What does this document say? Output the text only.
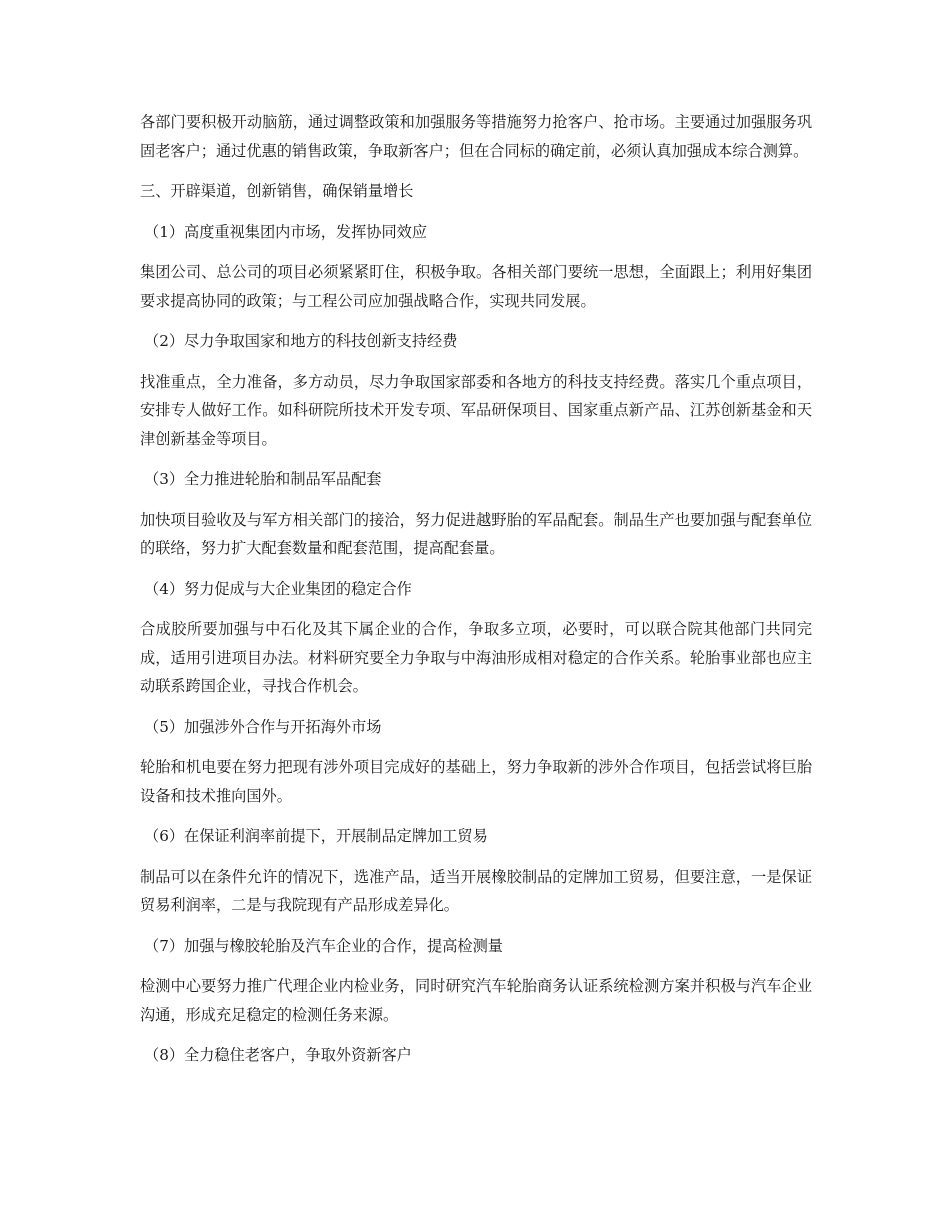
各部门要积极开动脑筋，通过调整政策和加强服务等措施努力抢客户、抢市场。主要通过加强服务巩固老客户；通过优惠的销售政策，争取新客户；但在合同标的确定前，必须认真加强成本综合测算。

三、开辟渠道，创新销售，确保销量增长

（1）高度重视集团内市场，发挥协同效应

集团公司、总公司的项目必须紧紧盯住，积极争取。各相关部门要统一思想，全面跟上；利用好集团要求提高协同的政策；与工程公司应加强战略合作，实现共同发展。

（2）尽力争取国家和地方的科技创新支持经费

找准重点，全力准备，多方动员，尽力争取国家部委和各地方的科技支持经费。落实几个重点项目，安排专人做好工作。如科研院所技术开发专项、军品研保项目、国家重点新产品、江苏创新基金和天津创新基金等项目。

（3）全力推进轮胎和制品军品配套

加快项目验收及与军方相关部门的接洽，努力促进越野胎的军品配套。制品生产也要加强与配套单位的联络，努力扩大配套数量和配套范围，提高配套量。

（4）努力促成与大企业集团的稳定合作

合成胶所要加强与中石化及其下属企业的合作，争取多立项，必要时，可以联合院其他部门共同完成，适用引进项目办法。材料研究要全力争取与中海油形成相对稳定的合作关系。轮胎事业部也应主动联系跨国企业，寻找合作机会。

（5）加强涉外合作与开拓海外市场

轮胎和机电要在努力把现有涉外项目完成好的基础上，努力争取新的涉外合作项目，包括尝试将巨胎设备和技术推向国外。

（6）在保证利润率前提下，开展制品定牌加工贸易

制品可以在条件允许的情况下，选准产品，适当开展橡胶制品的定牌加工贸易，但要注意，一是保证贸易利润率，二是与我院现有产品形成差异化。

（7）加强与橡胶轮胎及汽车企业的合作，提高检测量

检测中心要努力推广代理企业内检业务，同时研究汽车轮胎商务认证系统检测方案并积极与汽车企业沟通，形成充足稳定的检测任务来源。

（8）全力稳住老客户，争取外资新客户
